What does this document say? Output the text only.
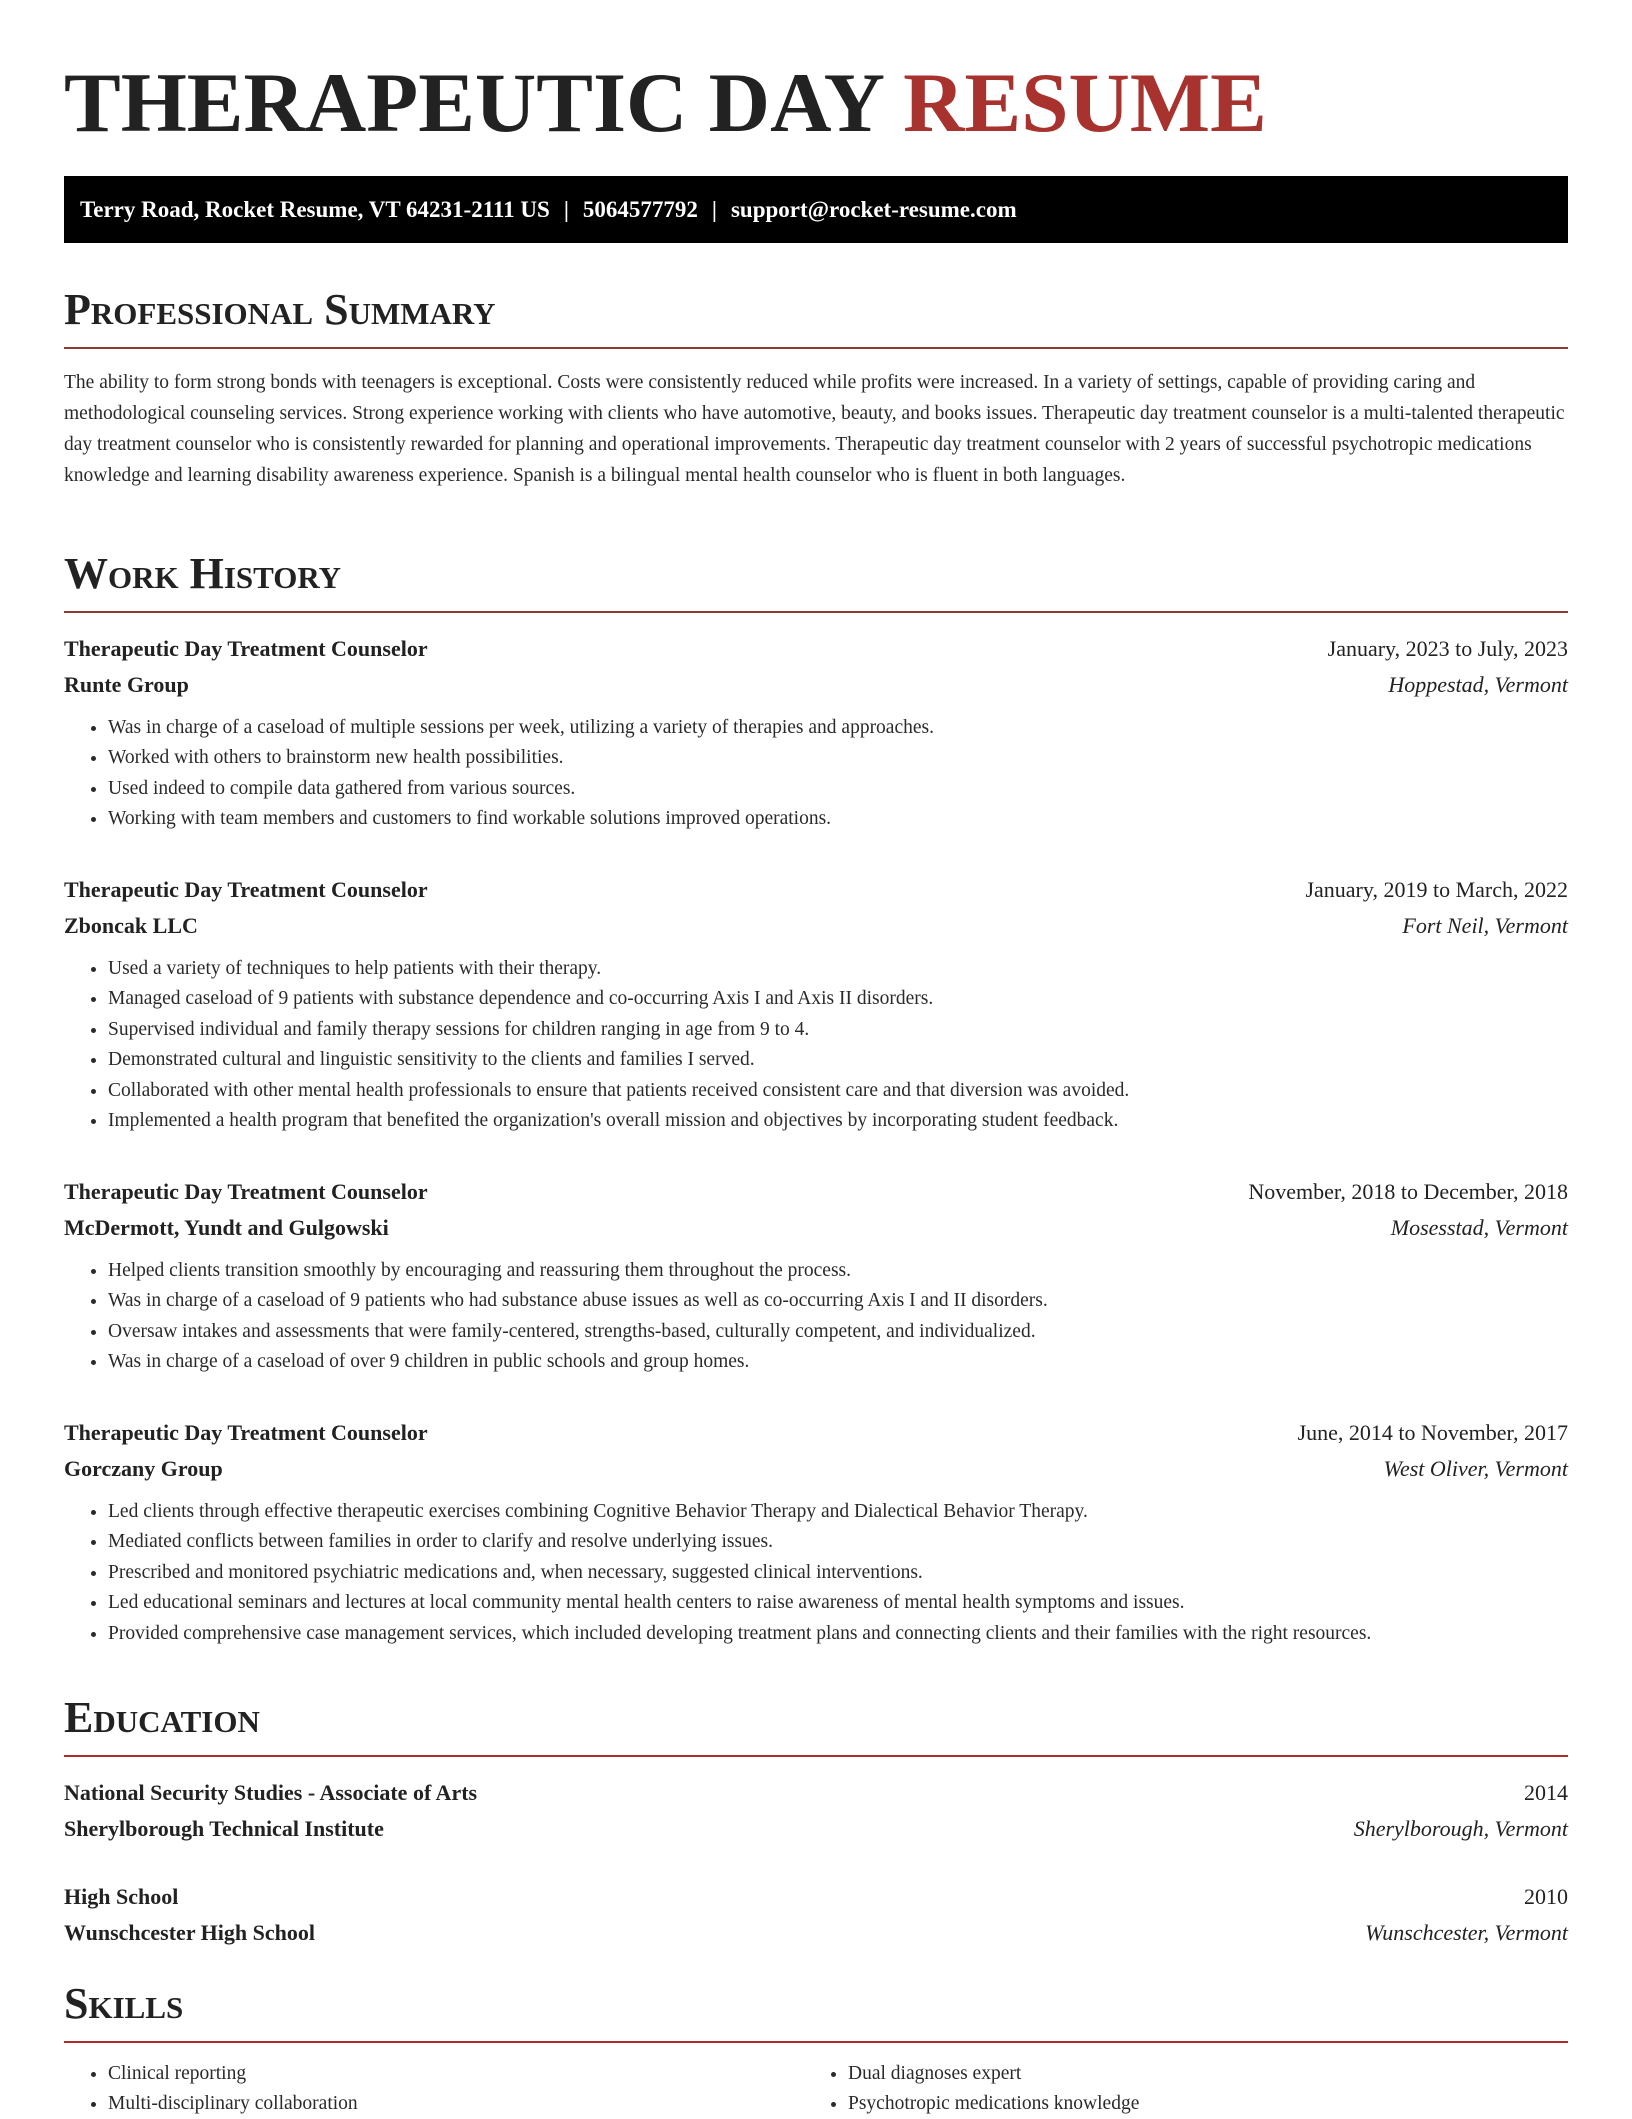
THERAPEUTIC DAY RESUME
Terry Road, Rocket Resume, VT 64231-2111 US | 5064577792 | support@rocket-resume.com
Professional Summary

The ability to form strong bonds with teenagers is exceptional. Costs were consistently reduced while profits were increased. In a variety of settings, capable of providing caring and methodological counseling services. Strong experience working with clients who have automotive, beauty, and books issues. Therapeutic day treatment counselor is a multi-talented therapeutic day treatment counselor who is consistently rewarded for planning and operational improvements. Therapeutic day treatment counselor with 2 years of successful psychotropic medications knowledge and learning disability awareness experience. Spanish is a bilingual mental health counselor who is fluent in both languages.

Work History
Therapeutic Day Treatment Counselor	January, 2023 to July, 2023
Runte Group	Hoppestad, Vermont
• Was in charge of a caseload of multiple sessions per week, utilizing a variety of therapies and approaches.
• Worked with others to brainstorm new health possibilities.
• Used indeed to compile data gathered from various sources.
• Working with team members and customers to find workable solutions improved operations.
Therapeutic Day Treatment Counselor	January, 2019 to March, 2022
Zboncak LLC	Fort Neil, Vermont
• Used a variety of techniques to help patients with their therapy.
• Managed caseload of 9 patients with substance dependence and co-occurring Axis I and Axis II disorders.
• Supervised individual and family therapy sessions for children ranging in age from 9 to 4.
• Demonstrated cultural and linguistic sensitivity to the clients and families I served.
• Collaborated with other mental health professionals to ensure that patients received consistent care and that diversion was avoided.
• Implemented a health program that benefited the organization's overall mission and objectives by incorporating student feedback.
Therapeutic Day Treatment Counselor	November, 2018 to December, 2018
McDermott, Yundt and Gulgowski	Mosesstad, Vermont
• Helped clients transition smoothly by encouraging and reassuring them throughout the process.
• Was in charge of a caseload of 9 patients who had substance abuse issues as well as co-occurring Axis I and II disorders.
• Oversaw intakes and assessments that were family-centered, strengths-based, culturally competent, and individualized.
• Was in charge of a caseload of over 9 children in public schools and group homes.
Therapeutic Day Treatment Counselor	June, 2014 to November, 2017
Gorczany Group	West Oliver, Vermont
• Led clients through effective therapeutic exercises combining Cognitive Behavior Therapy and Dialectical Behavior Therapy.
• Mediated conflicts between families in order to clarify and resolve underlying issues.
• Prescribed and monitored psychiatric medications and, when necessary, suggested clinical interventions.
• Led educational seminars and lectures at local community mental health centers to raise awareness of mental health symptoms and issues.
• Provided comprehensive case management services, which included developing treatment plans and connecting clients and their families with the right resources.
Education
National Security Studies - Associate of Arts	2014
Sherylborough Technical Institute	Sherylborough, Vermont
High School	2010
Wunschcester High School	Wunschcester, Vermont
Skills
• Clinical reporting
• Multi-disciplinary collaboration
• Dual diagnoses expert
• Psychotropic medications knowledge
